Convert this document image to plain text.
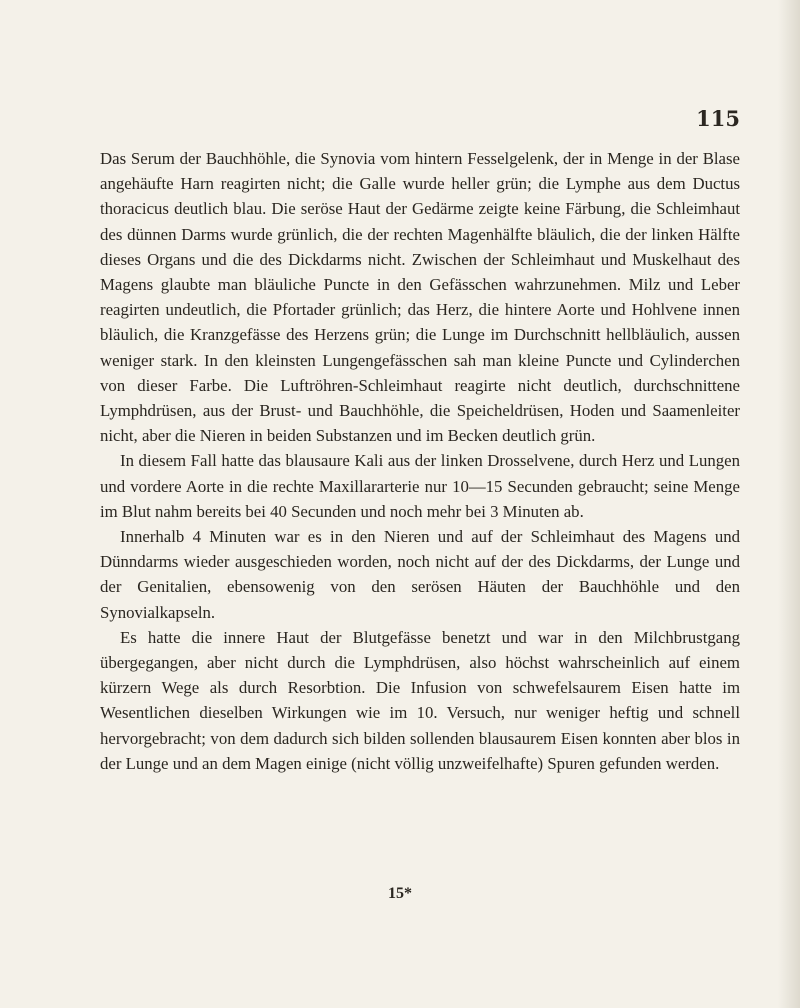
115

Das Serum der Bauchhöhle, die Synovia vom hintern Fesselgelenk, der in Menge in der Blase angehäufte Harn reagirten nicht; die Galle wurde heller grün; die Lymphe aus dem Ductus thoracicus deutlich blau. Die seröse Haut der Gedärme zeigte keine Färbung, die Schleimhaut des dünnen Darms wurde grünlich, die der rechten Magenhälfte bläulich, die der linken Hälfte dieses Organs und die des Dickdarms nicht. Zwischen der Schleimhaut und Muskelhaut des Magens glaubte man bläuliche Puncte in den Gefässchen wahrzunehmen. Milz und Leber reagirten undeutlich, die Pfortader grünlich; das Herz, die hintere Aorte und Hohlvene innen bläulich, die Kranzgefässe des Herzens grün; die Lunge im Durchschnitt hellbläulich, aussen weniger stark. In den kleinsten Lungengefässchen sah man kleine Puncte und Cylinderchen von dieser Farbe. Die Luftröhren-Schleimhaut reagirte nicht deutlich, durchschnittene Lymphdrüsen, aus der Brust- und Bauchhöhle, die Speicheldrüsen, Hoden und Saamenleiter nicht, aber die Nieren in beiden Substanzen und im Becken deutlich grün.

In diesem Fall hatte das blausaure Kali aus der linken Drosselvene, durch Herz und Lungen und vordere Aorte in die rechte Maxillararterie nur 10—15 Secunden gebraucht; seine Menge im Blut nahm bereits bei 40 Secunden und noch mehr bei 3 Minuten ab.

Innerhalb 4 Minuten war es in den Nieren und auf der Schleimhaut des Magens und Dünndarms wieder ausgeschieden worden, noch nicht auf der des Dickdarms, der Lunge und der Genitalien, ebensowenig von den serösen Häuten der Bauchhöhle und den Synovialkapseln.

Es hatte die innere Haut der Blutgefässe benetzt und war in den Milchbrustgang übergegangen, aber nicht durch die Lymphdrüsen, also höchst wahrscheinlich auf einem kürzern Wege als durch Resorbtion. Die Infusion von schwefelsaurem Eisen hatte im Wesentlichen dieselben Wirkungen wie im 10. Versuch, nur weniger heftig und schnell hervorgebracht; von dem dadurch sich bilden sollenden blausaurem Eisen konnten aber blos in der Lunge und an dem Magen einige (nicht völlig unzweifelhafte) Spuren gefunden werden.

15*
